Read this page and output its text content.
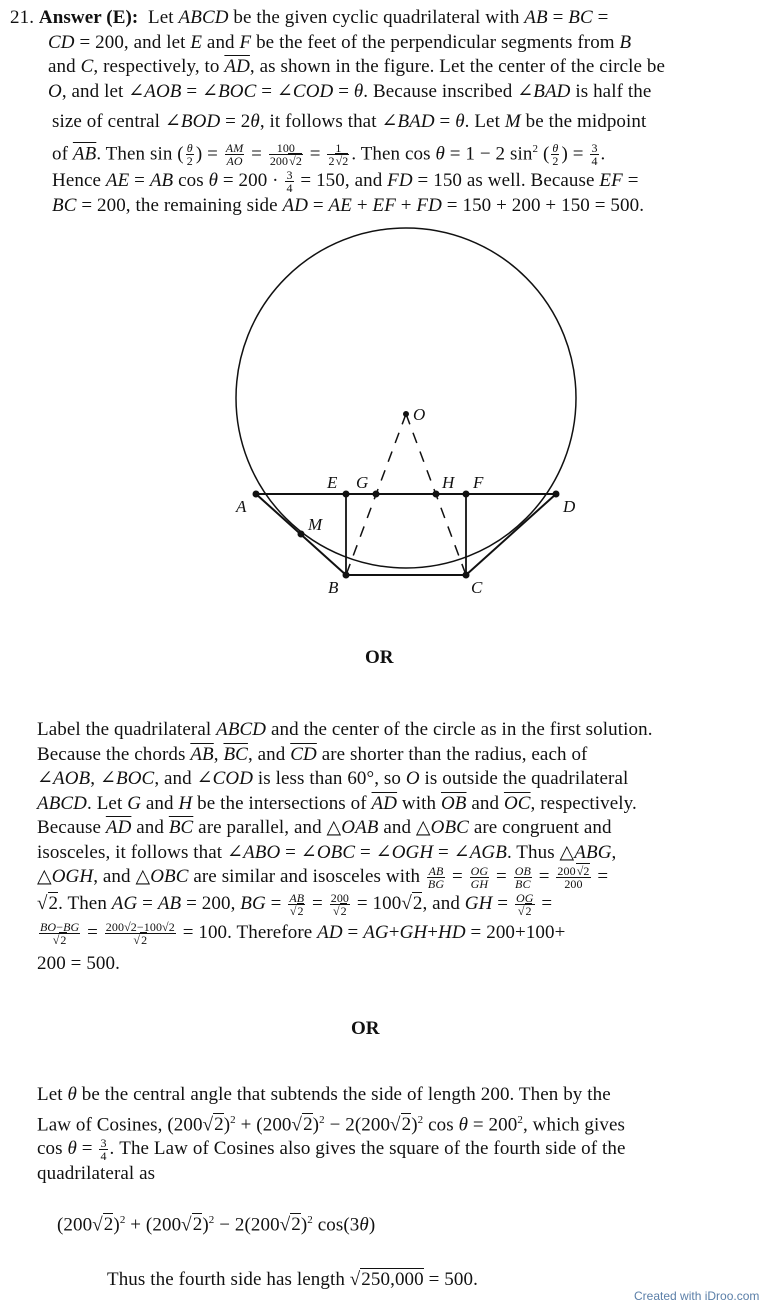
21. Answer (E):  Let ABCD be the given cyclic quadrilateral with AB = BC =

CD = 200, and let E and F be the feet of the perpendicular segments from B

and C, respectively, to $\overline{AD}$, as shown in the figure. Let the center of the circle be

O, and let ∠AOB = ∠BOC = ∠COD = θ. Because inscribed ∠BAD is half the

size of central ∠BOD = 2θ, it follows that ∠BAD = θ. Let M be the midpoint

of $\overline{AB}$. Then sin ( $\frac{\theta}{2}$ ) = $\frac{AM}{AO} = \frac{100}{200√2} = \frac{1}{2√2}$ . Then cos θ = 1 − 2 $\sin^2$ ( $\frac{\theta}{2}$ ) = $\frac{3}{4}$ .

Hence AE = AB $\cos \theta = 200 \cdot \frac{3}{4} = 150$, and FD = 150 as well. Because EF =

BC = 200, the remaining side AD = AE + EF + FD = 150 + 200 + 150 = 500.

O
A	D
E G	H F
M
B	C
OR

Label the quadrilateral ABCD and the center of the circle as in the first solution.

Because the chords $\overline{AB}$, $\overline{BC}$, and $\overline{CD}$ are shorter than the radius, each of

∠AOB, ∠BOC, and ∠COD is less than 60°, so O is outside the quadrilateral

ABCD. Let G and H be the intersections of $\overline{AD}$ with $\overline{OB}$ and $\overline{OC}$, respectively.

Because $\overline{AD}$ and $\overline{BC}$ are parallel, and △OAB and △OBC are congruent and

isosceles, it follows that ∠ABO = ∠OBC = ∠OGH = ∠AGB. Thus △ABG,

△OGH, and △OBC are similar and isosceles with $\frac{AB}{BG} = \frac{OG}{GH} = \frac{OB}{BC} = \frac{200√2}{200}$ =

√2. Then AG = AB = 200, BG = $\frac{AB}{√2} = \frac{200}{√2} = 100√2$, and GH = $\frac{OG}{√2}$ =

$\frac{BO-BG}{√2} = \frac{200√2-100√2}{√2} = 100$. Therefore AD = AG+GH+HD = 200+100+

200 = 500.

OR

Let θ be the central angle that subtends the side of length 200. Then by the

Law of Cosines, $(200√2)^2 + (200√2)^2 - 2(200√2)^2$ $\cos \theta = 200^2$, which gives

$\cos \theta = \frac{3}{4}$ . The Law of Cosines also gives the square of the fourth side of the

quadrilateral as

$(200√2)^2 + (200√2)^2 - 2(200√2)^2$ cos(3θ)
Thus the fourth side has length √250,000 = 500.
Created with iDroo.com
